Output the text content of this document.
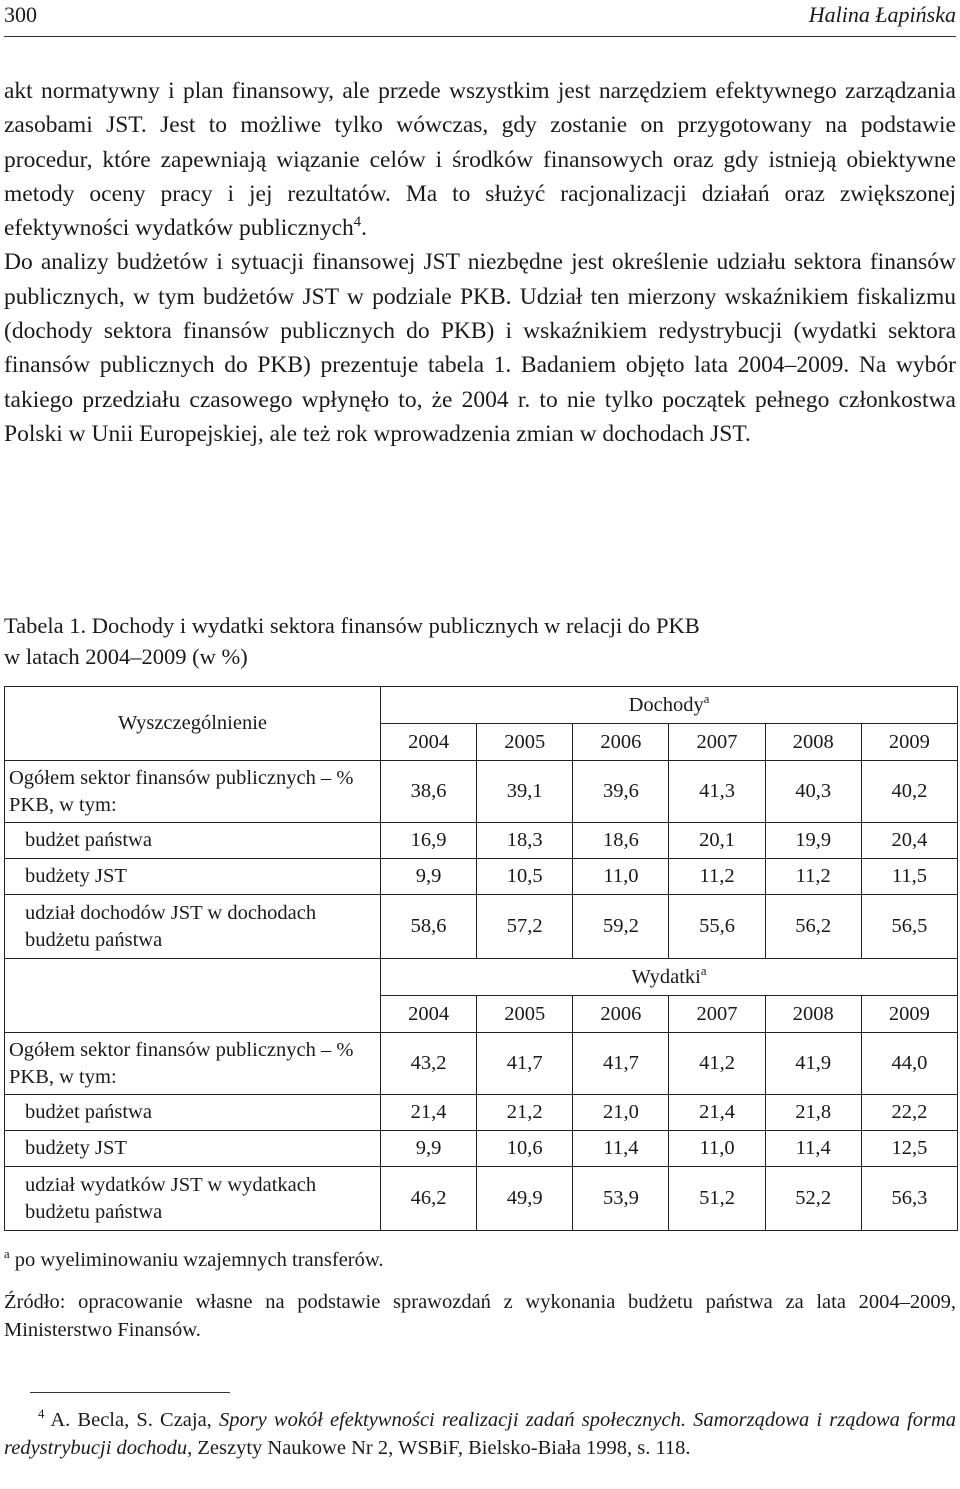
300	Halina Łapińska

akt normatywny i plan finansowy, ale przede wszystkim jest narzędziem efektywnego zarządzania zasobami JST. Jest to możliwe tylko wówczas, gdy zostanie on przygotowany na podstawie procedur, które zapewniają wiązanie celów i środków finansowych oraz gdy istnieją obiektywne metody oceny pracy i jej rezultatów. Ma to służyć racjonalizacji działań oraz zwiększonej efektywności wydatków publicznych$^4$.

Do analizy budżetów i sytuacji finansowej JST niezbędne jest określenie udziału sektora finansów publicznych, w tym budżetów JST w podziale PKB. Udział ten mierzony wskaźnikiem fiskalizmu (dochody sektora finansów publicznych do PKB) i wskaźnikiem redystrybucji (wydatki sektora finansów publicznych do PKB) prezentuje tabela 1. Badaniem objęto lata 2004–2009. Na wybór takiego przedziału czasowego wpłynęło to, że 2004 r. to nie tylko początek pełnego członkostwa Polski w Unii Europejskiej, ale też rok wprowadzenia zmian w dochodach JST.

Tabela 1. Dochody i wydatki sektora finansów publicznych w relacji do PKB
w latach 2004–2009 (w %)
Wyszczególnienie	Dochody$^a$
	2004	2005	2006	2007	2008	2009
Ogółem sektor finansów publicznych – % PKB, w tym:	38,6	39,1	39,6	41,3	40,3	40,2
budżet państwa	16,9	18,3	18,6	20,1	19,9	20,4
budżety JST	9,9	10,5	11,0	11,2	11,2	11,5
udział dochodów JST w dochodach budżetu państwa	58,6	57,2	59,2	55,6	56,2	56,5
	Wydatki$^a$
	2004	2005	2006	2007	2008	2009
Ogółem sektor finansów publicznych – % PKB, w tym:	43,2	41,7	41,7	41,2	41,9	44,0
budżet państwa	21,4	21,2	21,0	21,4	21,8	22,2
budżety JST	9,9	10,6	11,4	11,0	11,4	12,5
udział wydatków JST w wydatkach budżetu państwa	46,2	49,9	53,9	51,2	52,2	56,3
$^a$ po wyeliminowaniu wzajemnych transferów.
Źródło: opracowanie własne na podstawie sprawozdań z wykonania budżetu państwa za lata 2004–2009, Ministerstwo Finansów.
$^4$ A. Becla, S. Czaja, Spory wokół efektywności realizacji zadań społecznych. Samorządowa i rządowa forma redystrybucji dochodu, Zeszyty Naukowe Nr 2, WSBiF, Bielsko-Biała 1998, s. 118.
